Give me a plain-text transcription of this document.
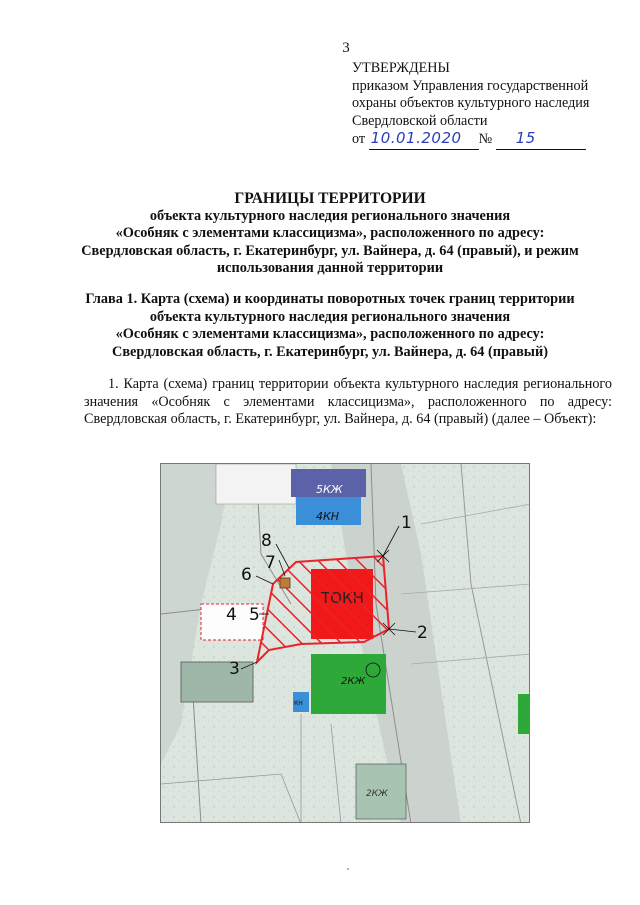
3
УТВЕРЖДЕНЫ
приказом Управления государственной
охраны объектов культурного наследия
Свердловской области
от 10.01.2020 № 15
ГРАНИЦЫ ТЕРРИТОРИИ
объекта культурного наследия регионального значения
«Особняк с элементами классицизма», расположенного по адресу:
Свердловская область, г. Екатеринбург, ул. Вайнера, д. 64 (правый), и режим
использования данной территории
Глава 1. Карта (схема) и координаты поворотных точек границ территории
объекта культурного наследия регионального значения
«Особняк с элементами классицизма», расположенного по адресу:
Свердловская область, г. Екатеринбург, ул. Вайнера, д. 64 (правый)
1. Карта (схема) границ территории объекта культурного наследия регионального значения «Особняк с элементами классицизма», расположенного по адресу: Свердловская область, г. Екатеринбург, ул. Вайнера, д. 64 (правый) (далее – Объект):
5КЖ
4КН
2КЖ
КН
2КЖ
1
2
3
4 5
6
7
8
